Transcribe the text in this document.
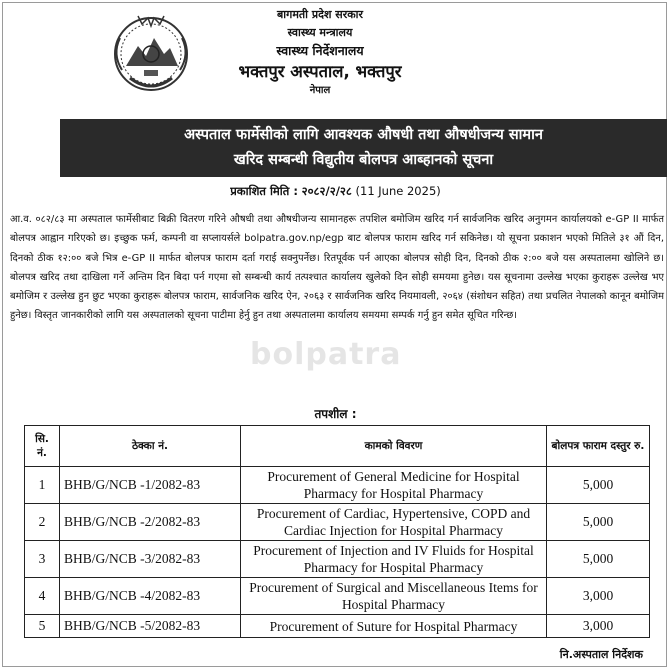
बागमती प्रदेश सरकार
स्वास्थ्य मन्त्रालय
स्वास्थ्य निर्देशनालय
भक्तपुर अस्पताल, भक्तपुर
नेपाल
अस्पताल फार्मेसीको लागि आवश्यक औषधी तथा औषधीजन्य सामान
खरिद सम्बन्धी विद्युतीय बोलपत्र आब्हानको सूचना
प्रकाशित मिति : २०८२/२/२८ (11 June 2025)
आ.व. ०८२/८३ मा अस्पताल फार्मेसीबाट बिक्री वितरण गरिने औषधी तथा औषधीजन्य सामानहरू तपशिल बमोजिम खरिद गर्न सार्वजनिक खरिद अनुगमन कार्यालयको e-GP II मार्फत बोलपत्र आह्वान गरिएको छ। इच्छुक फर्म, कम्पनी वा सप्लायर्सले bolpatra.gov.np/egp बाट बोलपत्र फाराम खरिद गर्न सकिनेछ। यो सूचना प्रकाशन भएको मितिले ३१ औं दिन, दिनको ठीक १२:०० बजे भित्र e-GP II मार्फत बोलपत्र फाराम दर्ता गराई सक्नुपर्नेछ। रितपूर्वक पर्न आएका बोलपत्र सोही दिन, दिनको ठीक २:०० बजे यस अस्पतालमा खोलिने छ। बोलपत्र खरिद तथा दाखिला गर्ने अन्तिम दिन बिदा पर्न गएमा सो सम्बन्धी कार्य तत्पश्चात कार्यालय खुलेको दिन सोही समयमा हुनेछ। यस सूचनामा उल्लेख भएका कुराहरू उल्लेख भए बमोजिम र उल्लेख हुन छुट भएका कुराहरू बोलपत्र फाराम, सार्वजनिक खरिद ऐन, २०६३ र सार्वजनिक खरिद नियमावली, २०६४ (संशोधन सहित) तथा प्रचलित नेपालको कानून बमोजिम हुनेछ। विस्तृत जानकारीको लागि यस अस्पतालको सूचना पाटीमा हेर्नु हुन तथा अस्पतालमा कार्यालय समयमा सम्पर्क गर्नु हुन समेत सूचित गरिन्छ।
bolpatra
तपशील :
सि. नं.	ठेक्का नं.	कामको विवरण	बोलपत्र फाराम दस्तुर रु.
1	BHB/G/NCB -1/2082-83	Procurement of General Medicine for Hospital Pharmacy for Hospital Pharmacy	5,000
2	BHB/G/NCB -2/2082-83	Procurement of Cardiac, Hypertensive, COPD and Cardiac Injection for Hospital Pharmacy	5,000
3	BHB/G/NCB -3/2082-83	Procurement of Injection and IV Fluids for Hospital Pharmacy for Hospital Pharmacy	5,000
4	BHB/G/NCB -4/2082-83	Procurement of Surgical and Miscellaneous Items for Hospital Pharmacy	3,000
5	BHB/G/NCB -5/2082-83	Procurement of Suture for Hospital Pharmacy	3,000
नि.अस्पताल निर्देशक
